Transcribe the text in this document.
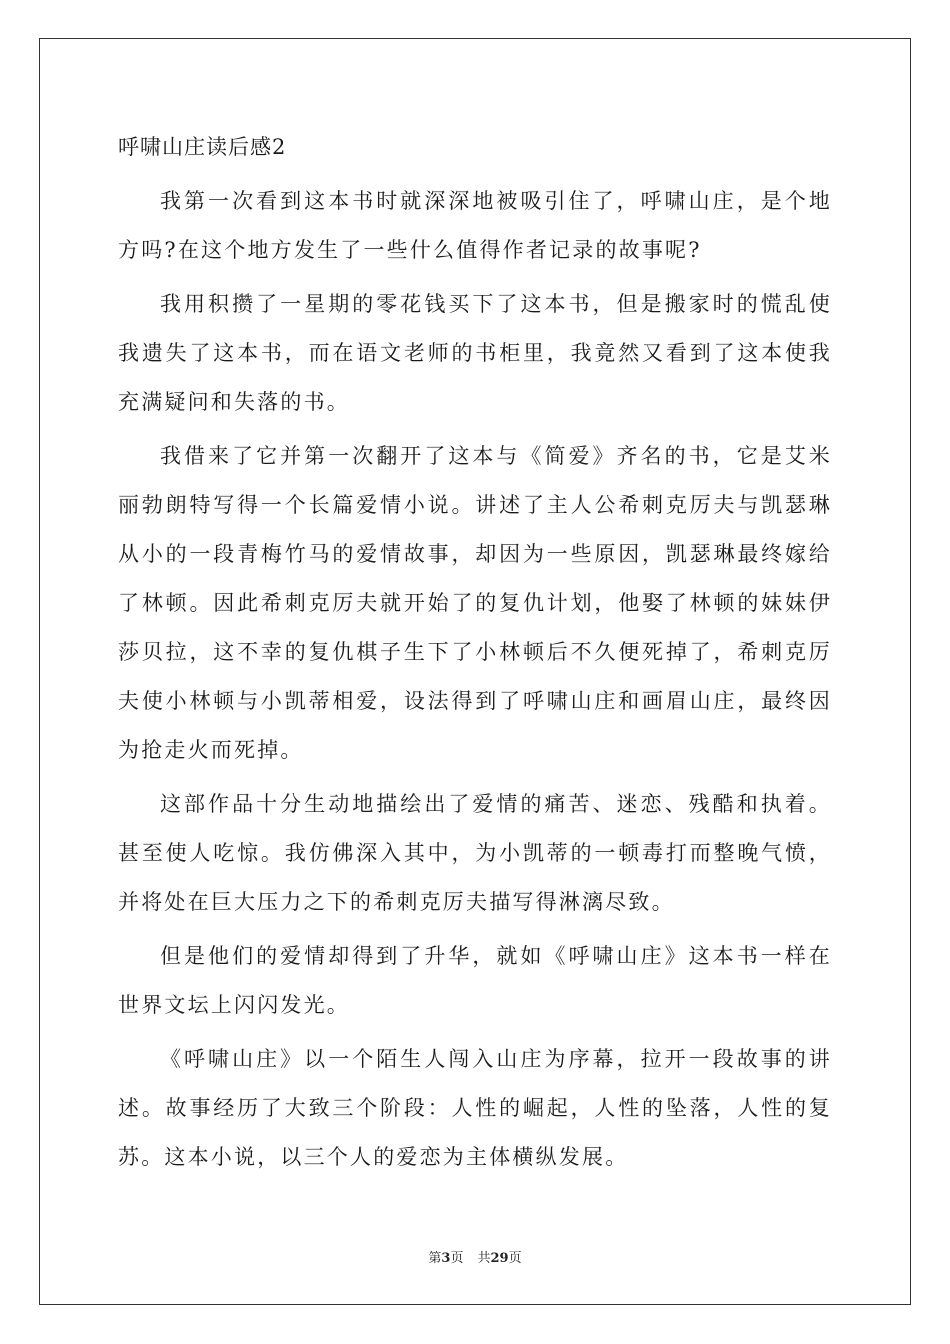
呼啸山庄读后感2

我第一次看到这本书时就深深地被吸引住了，呼啸山庄，是个地方吗?在这个地方发生了一些什么值得作者记录的故事呢?

我用积攒了一星期的零花钱买下了这本书，但是搬家时的慌乱使我遗失了这本书，而在语文老师的书柜里，我竟然又看到了这本使我充满疑问和失落的书。

我借来了它并第一次翻开了这本与《简爱》齐名的书，它是艾米丽勃朗特写得一个长篇爱情小说。讲述了主人公希刺克厉夫与凯瑟琳从小的一段青梅竹马的爱情故事，却因为一些原因，凯瑟琳最终嫁给了林顿。因此希刺克厉夫就开始了的复仇计划，他娶了林顿的妹妹伊莎贝拉，这不幸的复仇棋子生下了小林顿后不久便死掉了，希刺克厉夫使小林顿与小凯蒂相爱，设法得到了呼啸山庄和画眉山庄，最终因为抢走火而死掉。

这部作品十分生动地描绘出了爱情的痛苦、迷恋、残酷和执着。甚至使人吃惊。我仿佛深入其中，为小凯蒂的一顿毒打而整晚气愤，并将处在巨大压力之下的希刺克厉夫描写得淋漓尽致。

但是他们的爱情却得到了升华，就如《呼啸山庄》这本书一样在世界文坛上闪闪发光。

《呼啸山庄》以一个陌生人闯入山庄为序幕，拉开一段故事的讲述。故事经历了大致三个阶段：人性的崛起，人性的坠落，人性的复苏。这本小说，以三个人的爱恋为主体横纵发展。

第3页 共29页
